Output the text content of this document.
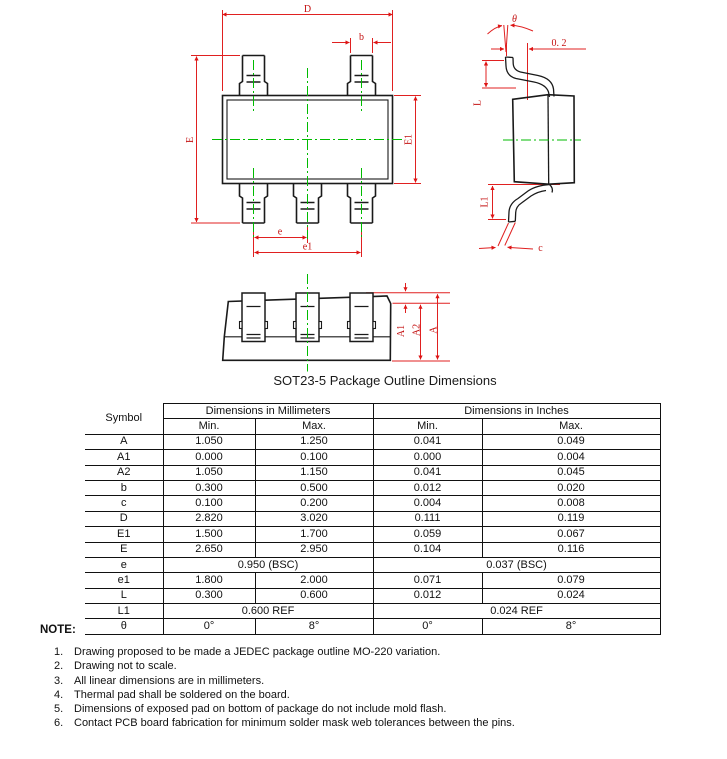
D
b
E	E1
e
e1
θ
0. 2
L
L1
c
A1 A2 A
SOT23-5 Package Outline Dimensions
Symbol	Dimensions in Millimeters		Dimensions in Inches	
	Min.	Max.	Min.	Max.
A	1.050	1.250	0.041	0.049
A1	0.000	0.100	0.000	0.004
A2	1.050	1.150	0.041	0.045
b	0.300	0.500	0.012	0.020
c	0.100	0.200	0.004	0.008
D	2.820	3.020	0.111	0.119
E1	1.500	1.700	0.059	0.067
E	2.650	2.950	0.104	0.116
e	0.950 (BSC)		0.037 (BSC)	
e1	1.800	2.000	0.071	0.079
L	0.300	0.600	0.012	0.024
L1	0.600 REF		0.024 REF	
θ	0°	8°	0°	8°
NOTE:
1. Drawing proposed to be made a JEDEC package outline MO-220 variation.
2. Drawing not to scale.
3. All linear dimensions are in millimeters.
4. Thermal pad shall be soldered on the board.
5. Dimensions of exposed pad on bottom of package do not include mold flash.
6. Contact PCB board fabrication for minimum solder mask web tolerances between the pins.
